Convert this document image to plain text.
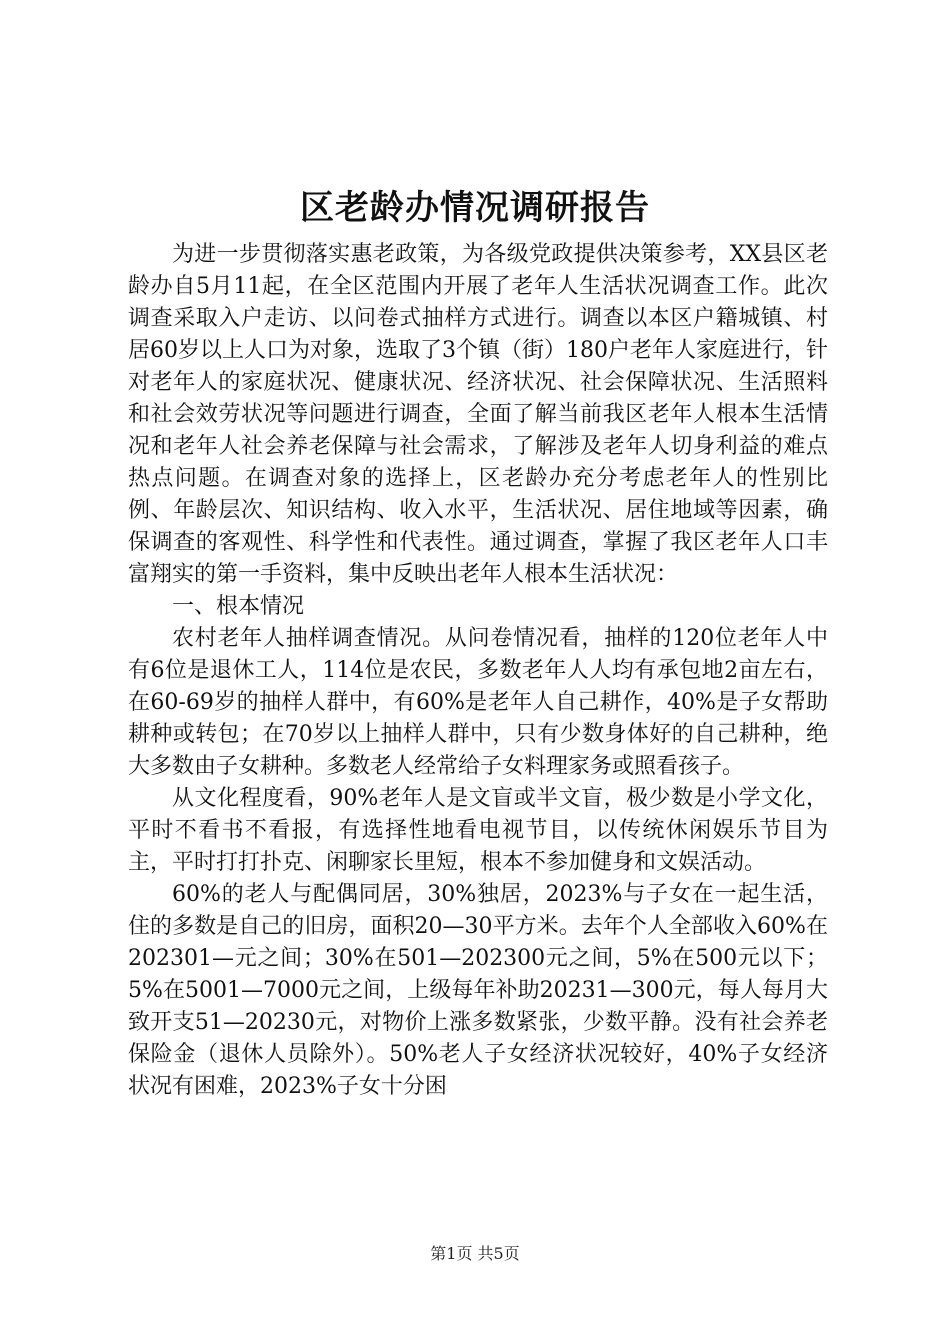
区老龄办情况调研报告

为进一步贯彻落实惠老政策，为各级党政提供决策参考，XX县区老龄办自5月11起，在全区范围内开展了老年人生活状况调查工作。此次调查采取入户走访、以问卷式抽样方式进行。调查以本区户籍城镇、村居60岁以上人口为对象，选取了3个镇（街）180户老年人家庭进行，针对老年人的家庭状况、健康状况、经济状况、社会保障状况、生活照料和社会效劳状况等问题进行调查，全面了解当前我区老年人根本生活情况和老年人社会养老保障与社会需求，了解涉及老年人切身利益的难点热点问题。在调查对象的选择上，区老龄办充分考虑老年人的性别比例、年龄层次、知识结构、收入水平，生活状况、居住地域等因素，确保调查的客观性、科学性和代表性。通过调查，掌握了我区老年人口丰富翔实的第一手资料，集中反映出老年人根本生活状况：

一、根本情况

农村老年人抽样调查情况。从问卷情况看，抽样的120位老年人中有6位是退休工人，114位是农民，多数老年人人均有承包地2亩左右，在60-69岁的抽样人群中，有60%是老年人自己耕作，40%是子女帮助耕种或转包；在70岁以上抽样人群中，只有少数身体好的自己耕种，绝大多数由子女耕种。多数老人经常给子女料理家务或照看孩子。

从文化程度看，90%老年人是文盲或半文盲，极少数是小学文化，平时不看书不看报，有选择性地看电视节目，以传统休闲娱乐节目为主，平时打打扑克、闲聊家长里短，根本不参加健身和文娱活动。

60%的老人与配偶同居，30%独居，2023%与子女在一起生活，住的多数是自己的旧房，面积20—30平方米。去年个人全部收入60%在202301—元之间；30%在501—202300元之间，5%在500元以下；5%在5001—7000元之间，上级每年补助20231—300元，每人每月大致开支51—20230元，对物价上涨多数紧张，少数平静。没有社会养老保险金（退休人员除外）。50%老人子女经济状况较好，40%子女经济状况有困难，2023%子女十分困

第1页 共5页
